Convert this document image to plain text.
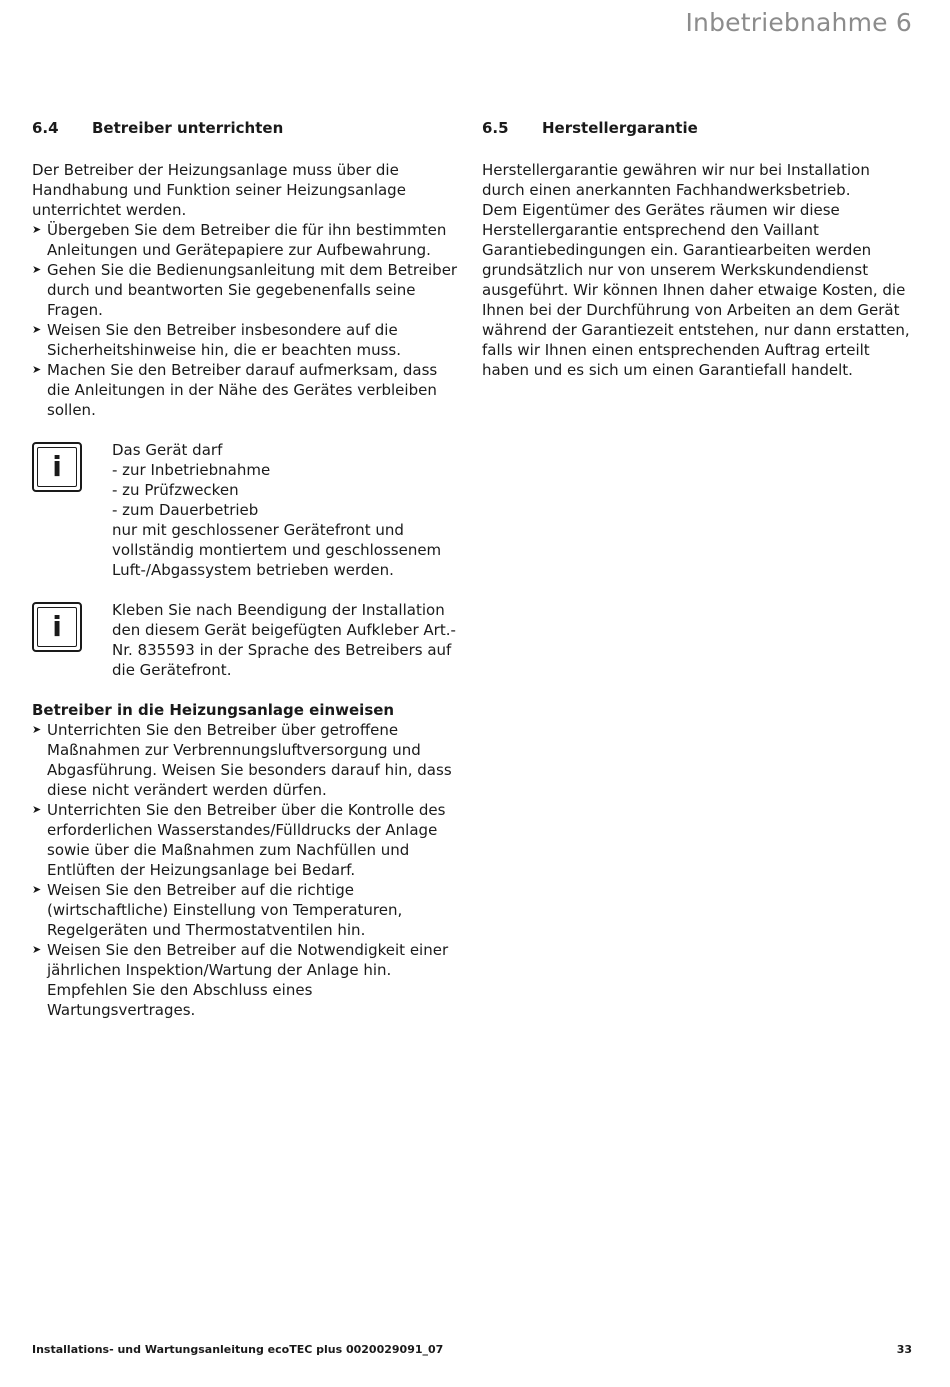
Inbetriebnahme 6
6.4 Betreiber unterrichten

Der Betreiber der Heizungsanlage muss über die Handhabung und Funktion seiner Heizungsanlage unterrichtet werden.

➤ Übergeben Sie dem Betreiber die für ihn bestimmten Anleitungen und Gerätepapiere zur Aufbewahrung.
➤ Gehen Sie die Bedienungsanleitung mit dem Betreiber durch und beantworten Sie gegebenenfalls seine Fragen.
➤ Weisen Sie den Betreiber insbesondere auf die Sicherheitshinweise hin, die er beachten muss.
➤ Machen Sie den Betreiber darauf aufmerksam, dass die Anleitungen in der Nähe des Gerätes verbleiben sollen.
i	Das Gerät darf
- zur Inbetriebnahme
- zu Prüfzwecken
- zum Dauerbetrieb
nur mit geschlossener Gerätefront und vollständig montiertem und geschlossenem Luft-/Abgassystem betrieben werden.
i	Kleben Sie nach Beendigung der Installation den diesem Gerät beigefügten Aufkleber Art.-Nr. 835593 in der Sprache des Betreibers auf die Gerätefront.
Betreiber in die Heizungsanlage einweisen
➤ Unterrichten Sie den Betreiber über getroffene Maßnahmen zur Verbrennungsluftversorgung und Abgasführung. Weisen Sie besonders darauf hin, dass diese nicht verändert werden dürfen.
➤ Unterrichten Sie den Betreiber über die Kontrolle des erforderlichen Wasserstandes/Fülldrucks der Anlage sowie über die Maßnahmen zum Nachfüllen und Entlüften der Heizungsanlage bei Bedarf.
➤ Weisen Sie den Betreiber auf die richtige (wirtschaftliche) Einstellung von Temperaturen, Regelgeräten und Thermostatventilen hin.
➤ Weisen Sie den Betreiber auf die Notwendigkeit einer jährlichen Inspektion/Wartung der Anlage hin. Empfehlen Sie den Abschluss eines Wartungsvertrages.
6.5 Herstellergarantie

Herstellergarantie gewähren wir nur bei Installation durch einen anerkannten Fachhandwerksbetrieb.

Dem Eigentümer des Gerätes räumen wir diese Herstellergarantie entsprechend den Vaillant Garantiebedingungen ein. Garantiearbeiten werden grundsätzlich nur von unserem Werkskundendienst ausgeführt. Wir können Ihnen daher etwaige Kosten, die Ihnen bei der Durchführung von Arbeiten an dem Gerät während der Garantiezeit entstehen, nur dann erstatten, falls wir Ihnen einen entsprechenden Auftrag erteilt haben und es sich um einen Garantiefall handelt.

Installations- und Wartungsanleitung ecoTEC plus 0020029091_07	33
